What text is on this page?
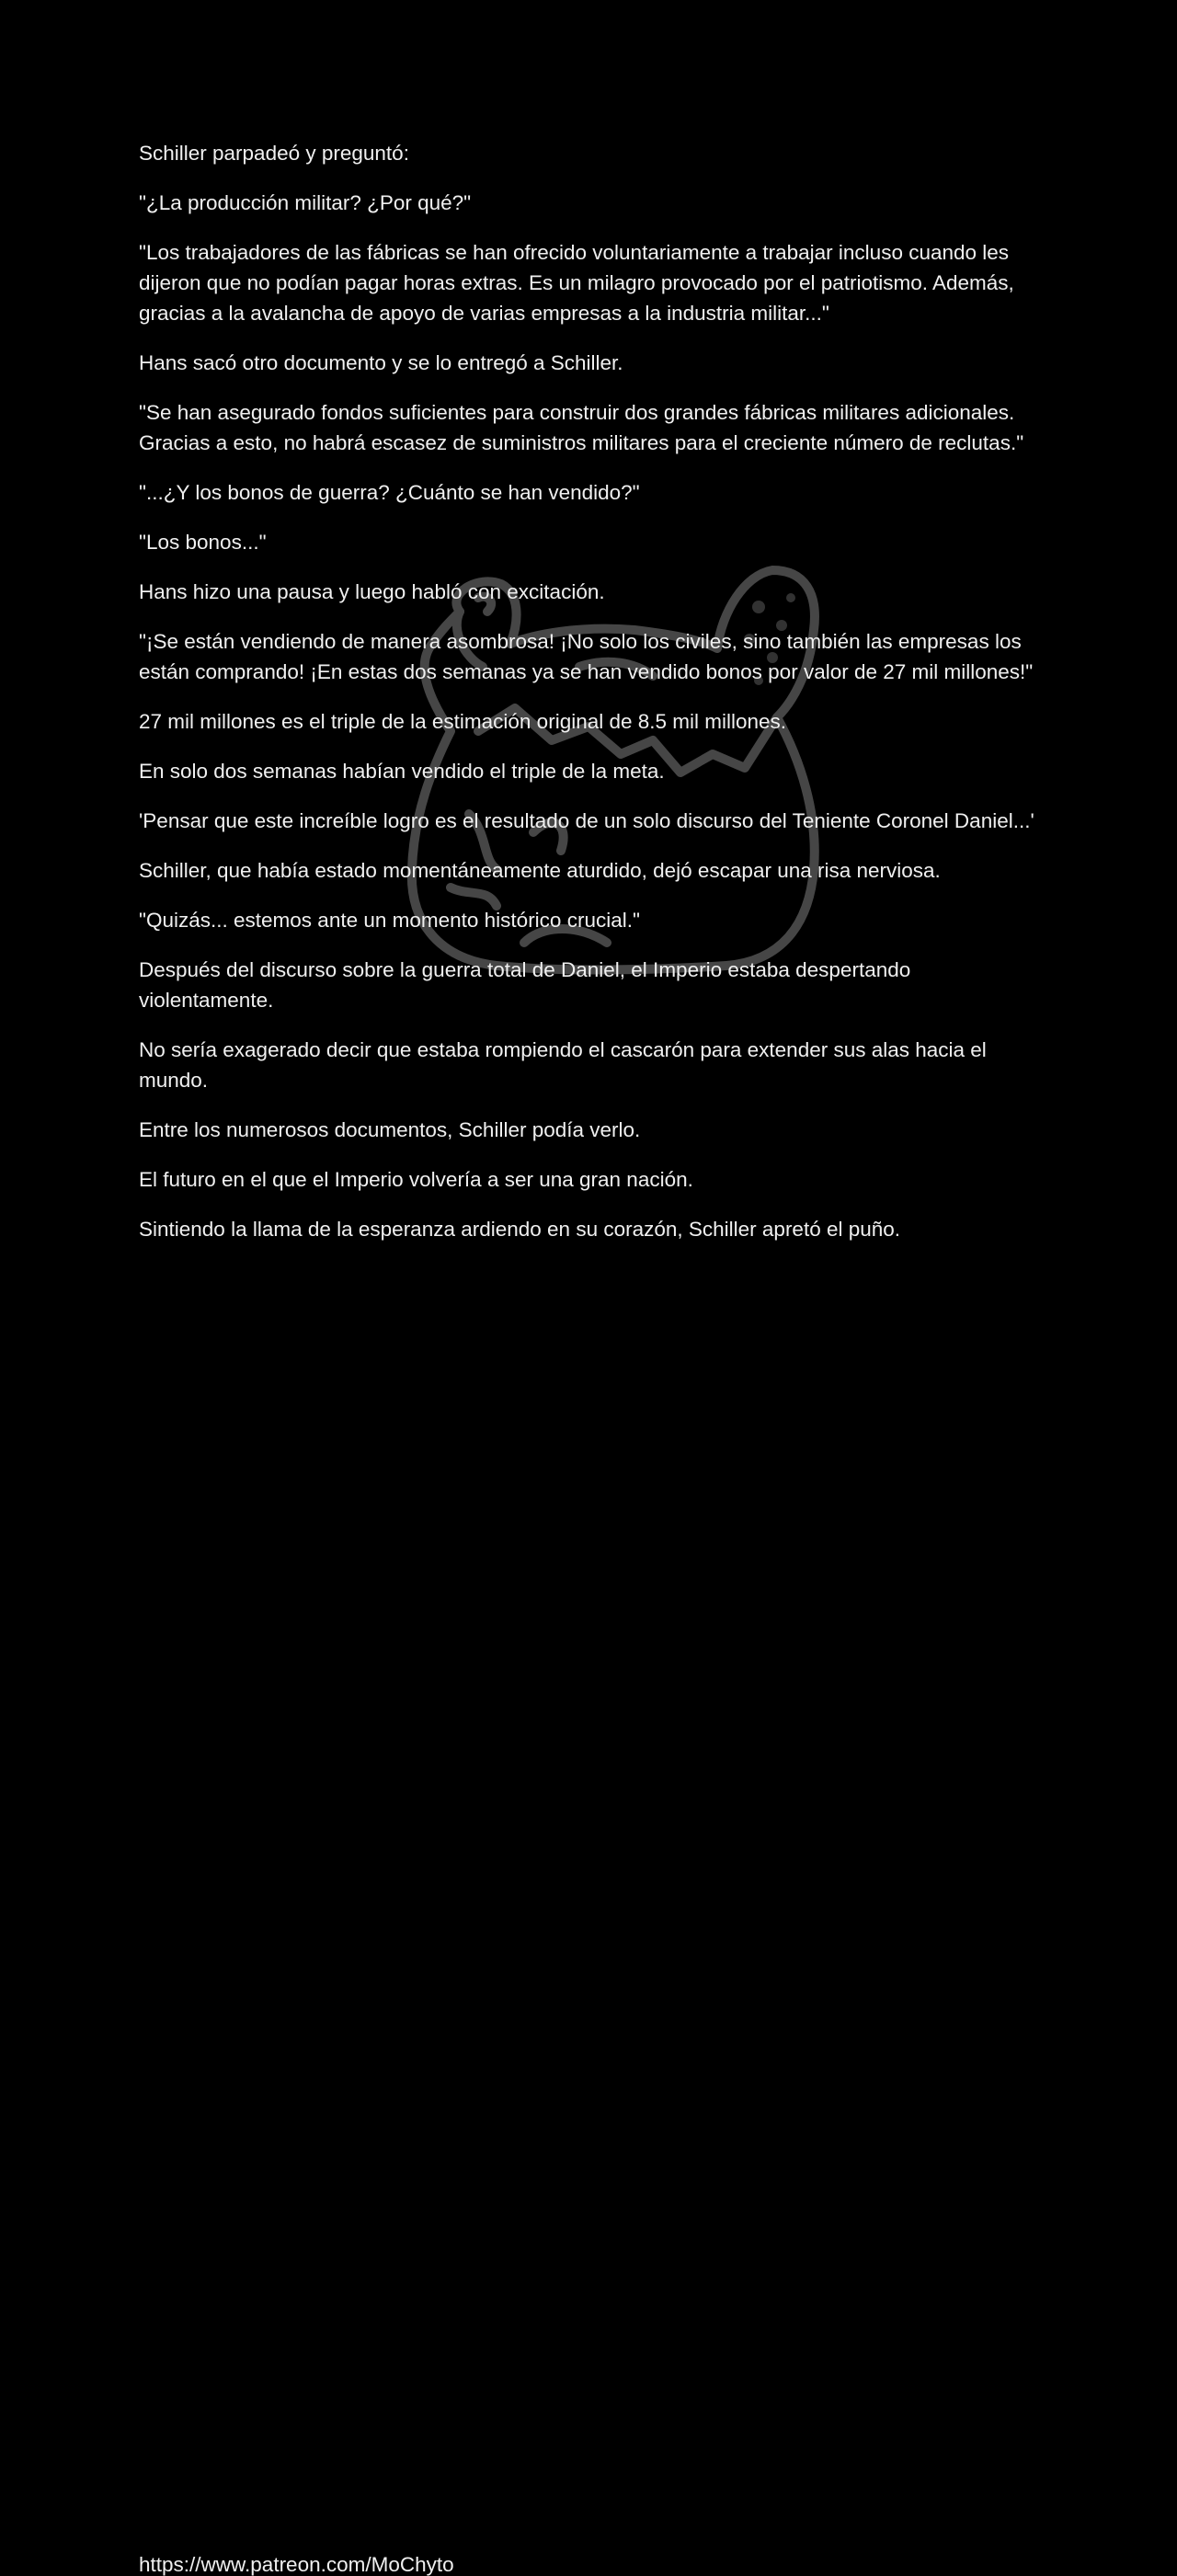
Schiller parpadeó y preguntó:

"¿La producción militar? ¿Por qué?"

"Los trabajadores de las fábricas se han ofrecido voluntariamente a trabajar incluso cuando les dijeron que no podían pagar horas extras. Es un milagro provocado por el patriotismo. Además, gracias a la avalancha de apoyo de varias empresas a la industria militar..."

Hans sacó otro documento y se lo entregó a Schiller.

"Se han asegurado fondos suficientes para construir dos grandes fábricas militares adicionales. Gracias a esto, no habrá escasez de suministros militares para el creciente número de reclutas."

"...¿Y los bonos de guerra? ¿Cuánto se han vendido?"

"Los bonos..."

Hans hizo una pausa y luego habló con excitación.

"¡Se están vendiendo de manera asombrosa! ¡No solo los civiles, sino también las empresas los están comprando! ¡En estas dos semanas ya se han vendido bonos por valor de 27 mil millones!"

27 mil millones es el triple de la estimación original de 8.5 mil millones.

En solo dos semanas habían vendido el triple de la meta.

'Pensar que este increíble logro es el resultado de un solo discurso del Teniente Coronel Daniel...'

Schiller, que había estado momentáneamente aturdido, dejó escapar una risa nerviosa.

"Quizás... estemos ante un momento histórico crucial."

Después del discurso sobre la guerra total de Daniel, el Imperio estaba despertando violentamente.

No sería exagerado decir que estaba rompiendo el cascarón para extender sus alas hacia el mundo.

Entre los numerosos documentos, Schiller podía verlo.

El futuro en el que el Imperio volvería a ser una gran nación.

Sintiendo la llama de la esperanza ardiendo en su corazón, Schiller apretó el puño.

https://www.patreon.com/MoChyto
